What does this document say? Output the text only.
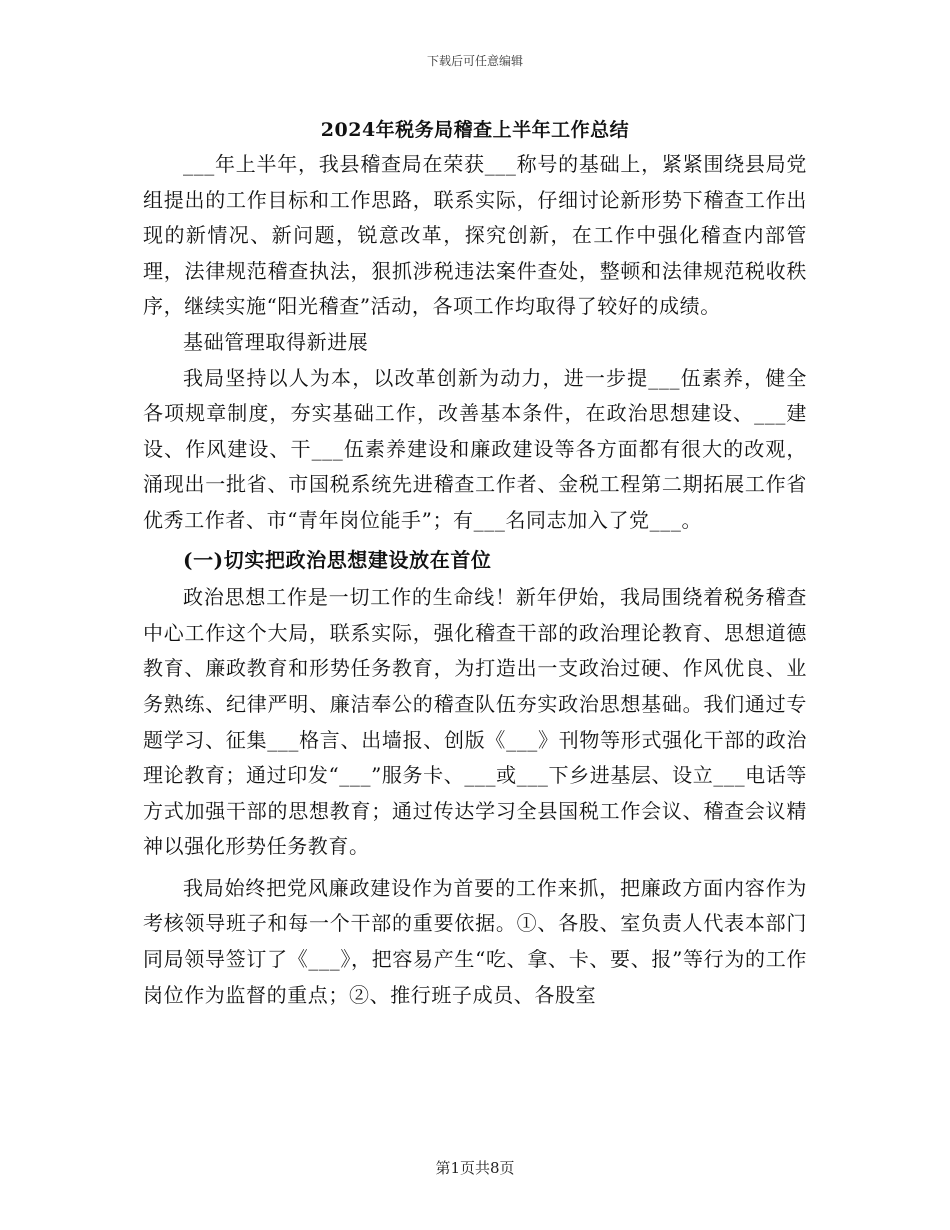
下载后可任意编辑
2024年税务局稽查上半年工作总结

___年上半年，我县稽查局在荣获___称号的基础上，紧紧围绕县局党组提出的工作目标和工作思路，联系实际，仔细讨论新形势下稽查工作出现的新情况、新问题，锐意改革，探究创新，在工作中强化稽查内部管理，法律规范稽查执法，狠抓涉税违法案件查处，整顿和法律规范税收秩序，继续实施“阳光稽查”活动，各项工作均取得了较好的成绩。

基础管理取得新进展

我局坚持以人为本，以改革创新为动力，进一步提___伍素养，健全各项规章制度，夯实基础工作，改善基本条件，在政治思想建设、___建设、作风建设、干___伍素养建设和廉政建设等各方面都有很大的改观，涌现出一批省、市国税系统先进稽查工作者、金税工程第二期拓展工作省优秀工作者、市“青年岗位能手”；有___名同志加入了党___。

(一)切实把政治思想建设放在首位

政治思想工作是一切工作的生命线！新年伊始，我局围绕着税务稽查中心工作这个大局，联系实际，强化稽查干部的政治理论教育、思想道德教育、廉政教育和形势任务教育，为打造出一支政治过硬、作风优良、业务熟练、纪律严明、廉洁奉公的稽查队伍夯实政治思想基础。我们通过专题学习、征集___格言、出墙报、创版《___》刊物等形式强化干部的政治理论教育；通过印发“___”服务卡、___或___下乡进基层、设立___电话等方式加强干部的思想教育；通过传达学习全县国税工作会议、稽查会议精神以强化形势任务教育。

我局始终把党风廉政建设作为首要的工作来抓，把廉政方面内容作为考核领导班子和每一个干部的重要依据。①、各股、室负责人代表本部门同局领导签订了《___》，把容易产生“吃、拿、卡、要、报”等行为的工作岗位作为监督的重点；②、推行班子成员、各股室

第1页共8页
